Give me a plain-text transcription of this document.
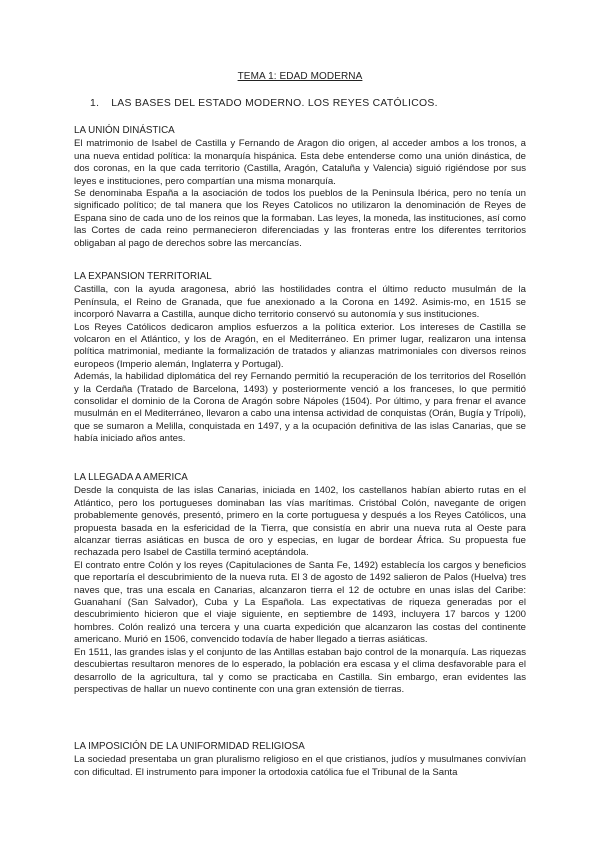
TEMA 1: EDAD MODERNA
1. LAS BASES DEL ESTADO MODERNO. LOS REYES CATÓLICOS.
LA UNIÓN DINÁSTICA

El matrimonio de Isabel de Castilla y Fernando de Aragon dio origen, al acceder ambos a los tronos, a una nueva entidad política: la monarquía hispánica. Esta debe entenderse como una unión dinástica, de dos coronas, en la que cada territorio (Castilla, Aragón, Cataluña y Valencia) siguió rigiéndose por sus leyes e instituciones, pero compartían una misma monarquía.

Se denominaba España a la asociación de todos los pueblos de la Peninsula Ibérica, pero no tenía un significado político; de tal manera que los Reyes Catolicos no utilizaron la denominación de Reyes de Espana sino de cada uno de los reinos que la formaban. Las leyes, la moneda, las instituciones, así como las Cortes de cada reino permanecieron diferenciadas y las fronteras entre los diferentes territorios obligaban al pago de derechos sobre las mercancías.

LA EXPANSION TERRITORIAL

Castilla, con la ayuda aragonesa, abrió las hostilidades contra el último reducto musulmán de la Península, el Reino de Granada, que fue anexionado a la Corona en 1492. Asimis-mo, en 1515 se incorporó Navarra a Castilla, aunque dicho territorio conservó su autonomía y sus instituciones.

Los Reyes Católicos dedicaron amplios esfuerzos a la política exterior. Los intereses de Castilla se volcaron en el Atlántico, y los de Aragón, en el Mediterráneo. En primer lugar, realizaron una intensa política matrimonial, mediante la formalización de tratados y alianzas matrimoniales con diversos reinos europeos (Imperio alemán, Inglaterra y Portugal).

Además, la habilidad diplomática del rey Fernando permitió la recuperación de los territorios del Rosellón y la Cerdaña (Tratado de Barcelona, 1493) y posteriormente venció a los franceses, lo que permitió consolidar el dominio de la Corona de Aragón sobre Nápoles (1504). Por último, y para frenar el avance musulmán en el Mediterráneo, llevaron a cabo una intensa actividad de conquistas (Orán, Bugía y Trípoli), que se sumaron a Melilla, conquistada en 1497, y a la ocupación definitiva de las islas Canarias, que se había iniciado años antes.

LA LLEGADA A AMERICA

Desde la conquista de las islas Canarias, iniciada en 1402, los castellanos habían abierto rutas en el Atlántico, pero los portugueses dominaban las vías marítimas. Cristóbal Colón, navegante de origen probablemente genovés, presentó, primero en la corte portuguesa y después a los Reyes Católicos, una propuesta basada en la esfericidad de la Tierra, que consistía en abrir una nueva ruta al Oeste para alcanzar tierras asiáticas en busca de oro y especias, en lugar de bordear África. Su propuesta fue rechazada pero Isabel de Castilla terminó aceptándola.

El contrato entre Colón y los reyes (Capitulaciones de Santa Fe, 1492) establecía los cargos y beneficios que reportaría el descubrimiento de la nueva ruta. El 3 de agosto de 1492 salieron de Palos (Huelva) tres naves que, tras una escala en Canarias, alcanzaron tierra el 12 de octubre en unas islas del Caribe: Guanahaní (San Salvador), Cuba y La Española. Las expectativas de riqueza generadas por el descubrimiento hicieron que el viaje siguiente, en septiembre de 1493, incluyera 17 barcos y 1200 hombres. Colón realizó una tercera y una cuarta expedición que alcanzaron las costas del continente americano. Murió en 1506, convencido todavía de haber llegado a tierras asiáticas.

En 1511, las grandes islas y el conjunto de las Antillas estaban bajo control de la monarquía. Las riquezas descubiertas resultaron menores de lo esperado, la población era escasa y el clima desfavorable para el desarrollo de la agricultura, tal y como se practicaba en Castilla. Sin embargo, eran evidentes las perspectivas de hallar un nuevo continente con una gran extensión de tierras.

LA IMPOSICIÓN DE LA UNIFORMIDAD RELIGIOSA

La sociedad presentaba un gran pluralismo religioso en el que cristianos, judíos y musulmanes convivían con dificultad. El instrumento para imponer la ortodoxia católica fue el Tribunal de la Santa
